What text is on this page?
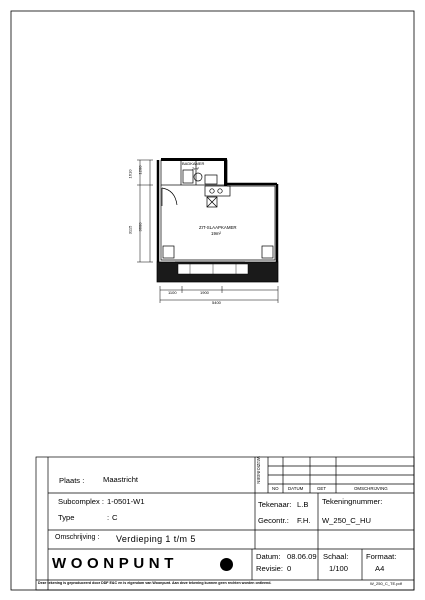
ZIT-SLAAPKAMER
19m²
BADKAMER
2m²
1610
3115
1200
3600
1100	1900
5400
WIJZIGINGEN
NO DATUM	GET	OMSCHRIJVING
Plaats : Maastricht
Subcomplex : 1-0501-W1
Type	: C
Tekenaar: L.B
Gecontr.: F.H.
Tekeningnummer:
W_250_C_HU
Omschrijving : Verdieping 1 t/m 5
WOONPUNT	Datum: 08.06.09
Revisie: 0
Schaal:
1/100
Formaat:
A4
Deze tekening is geproduceerd door DDF E&C en is eigendom van Woonpunt. Aan deze tekening kunnen geen rechten worden ontleend.	W_250_C_TE.pdf
